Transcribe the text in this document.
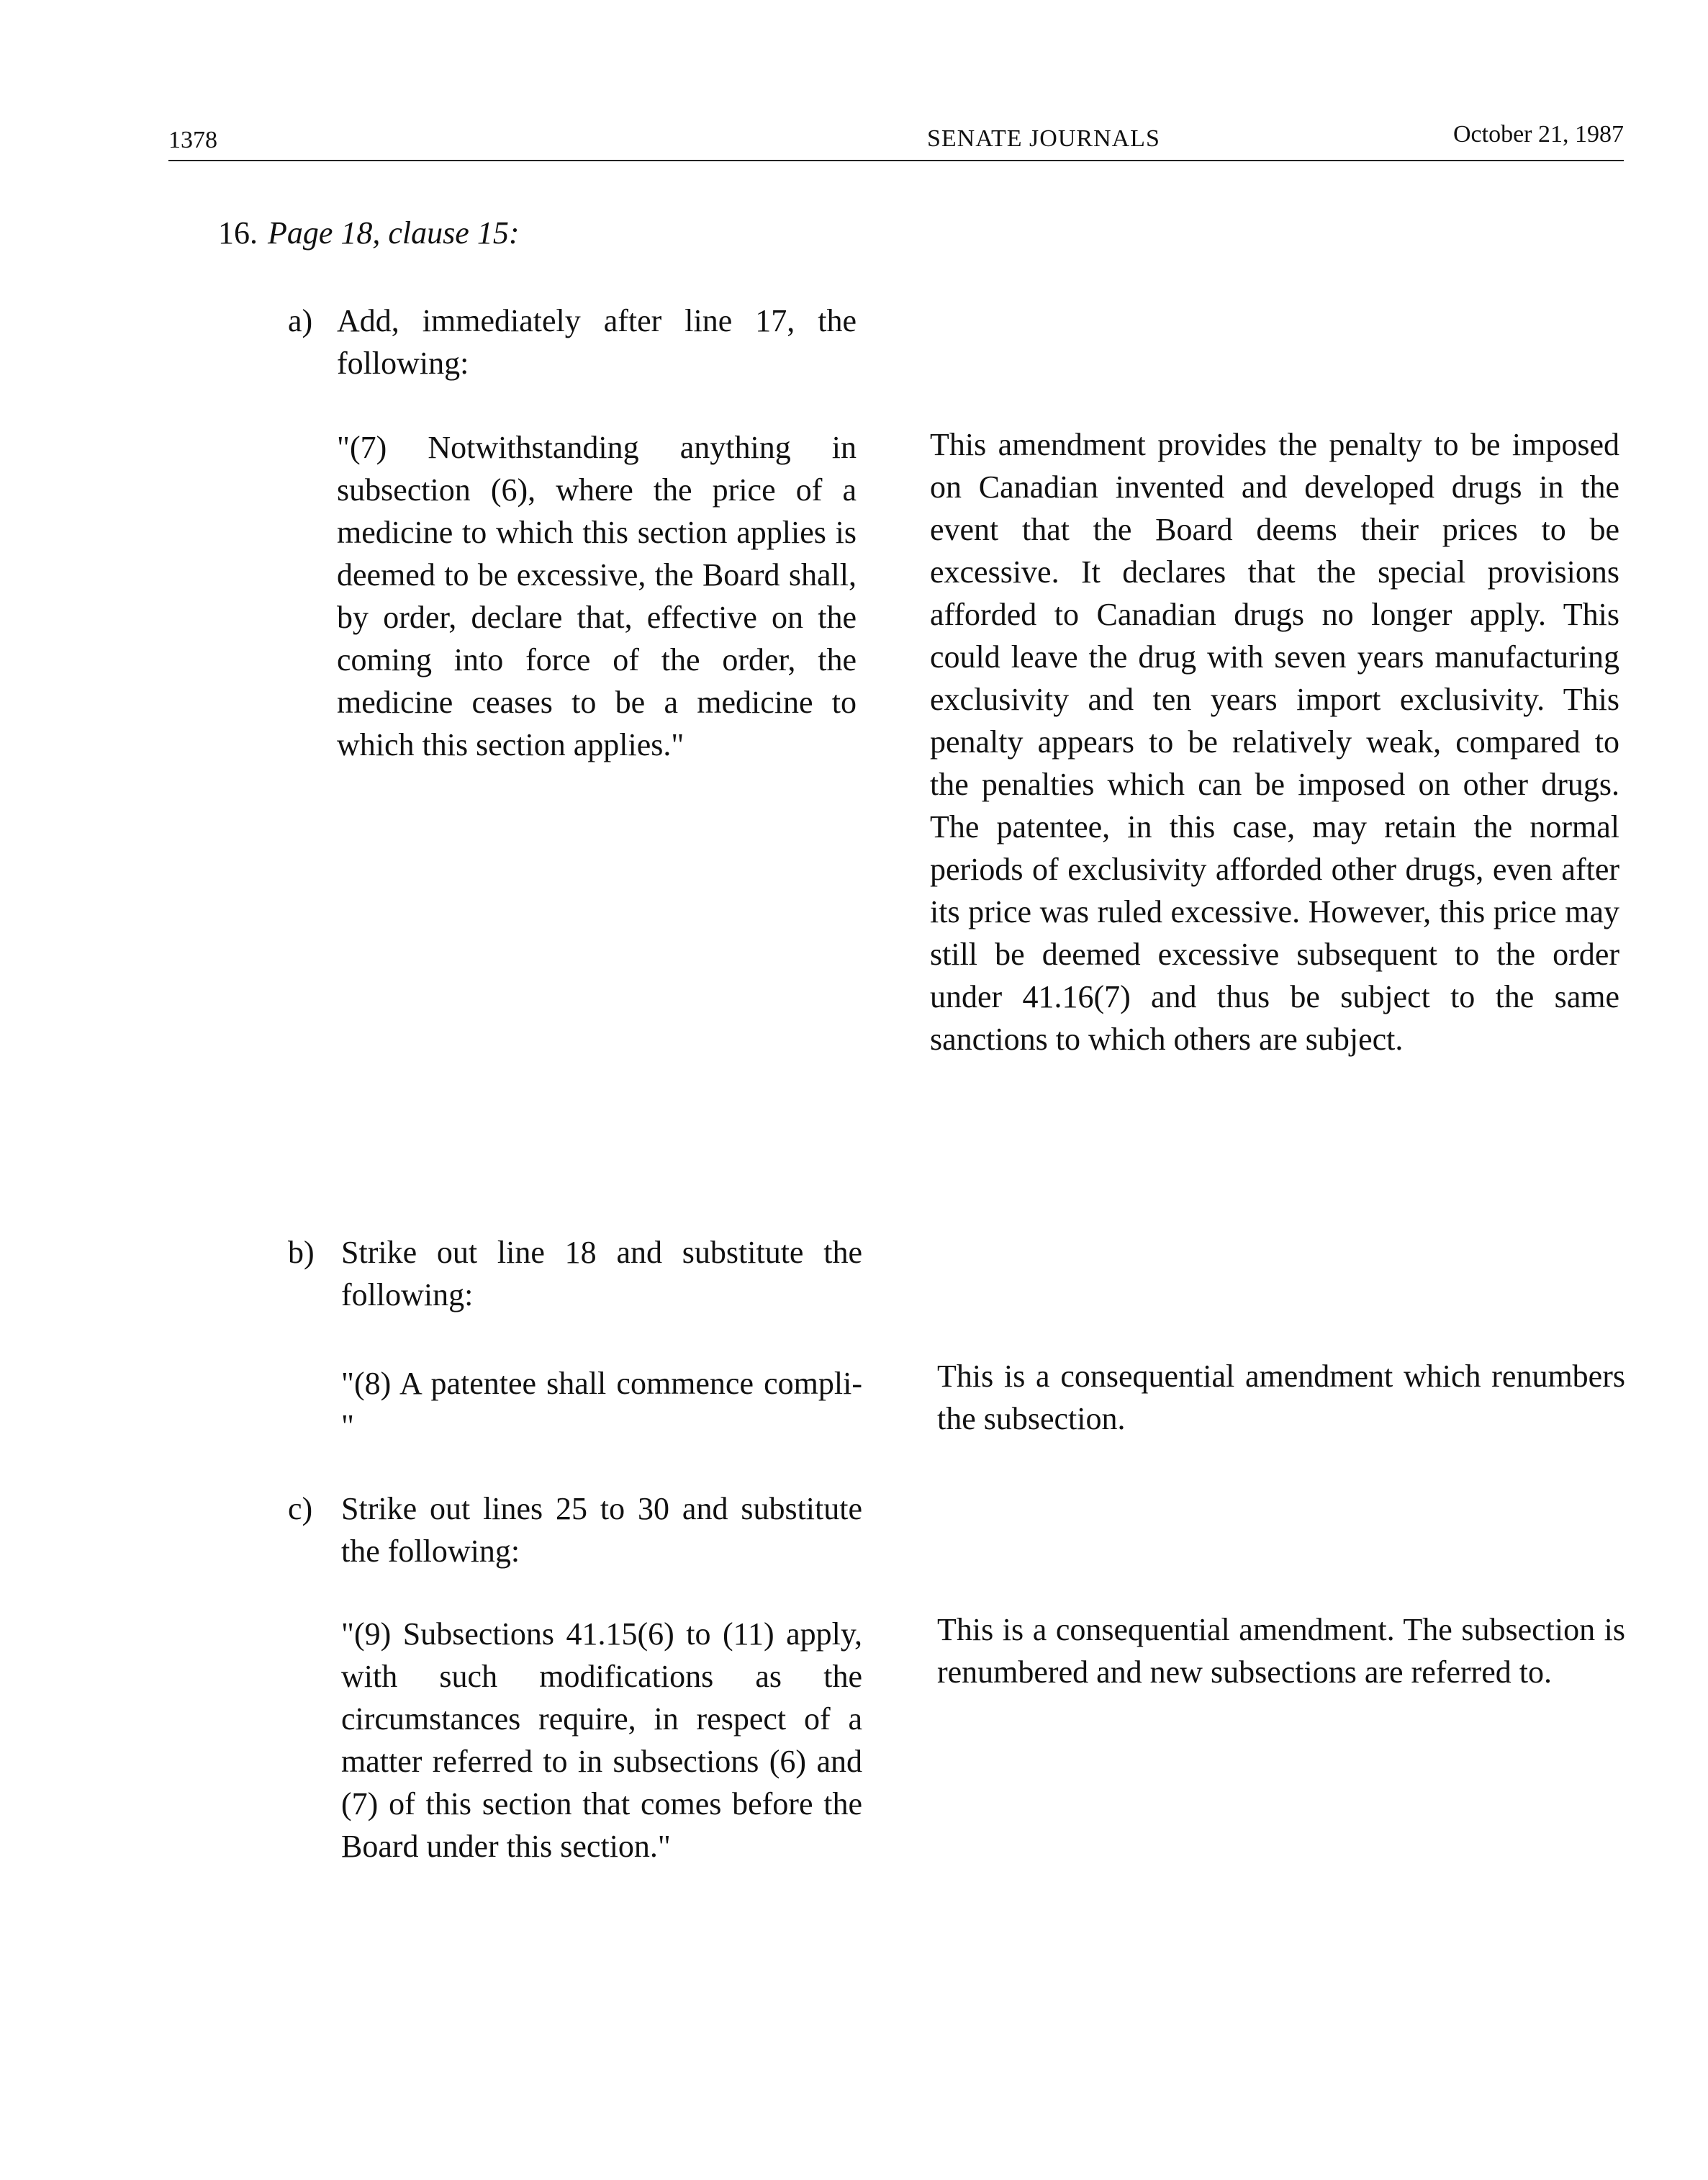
1378	SENATE JOURNALS	October 21, 1987
16. Page 18, clause 15:
a) Add, immediately after line 17, the following:
"(7) Notwithstanding anything in subsection (6), where the price of a medicine to which this section applies is deemed to be excessive, the Board shall, by order, declare that, effective on the coming into force of the order, the medicine ceases to be a medicine to which this section applies."
This amendment provides the penalty to be imposed on Canadian invented and developed drugs in the event that the Board deems their prices to be excessive. It declares that the special provisions afforded to Canadian drugs no longer apply. This could leave the drug with seven years manufacturing exclusivity and ten years import exclusivity. This penalty appears to be relatively weak, compared to the penalties which can be imposed on other drugs. The patentee, in this case, may retain the normal periods of exclusivity afforded other drugs, even after its price was ruled excessive. However, this price may still be deemed excessive subsequent to the order under 41.16(7) and thus be subject to the same sanctions to which others are subject.
b) Strike out line 18 and substitute the following:
"(8) A patentee shall commence compli-"
This is a consequential amendment which renumbers the subsection.
c) Strike out lines 25 to 30 and substitute the following:
"(9) Subsections 41.15(6) to (11) apply, with such modifications as the circumstances require, in respect of a matter referred to in subsections (6) and (7) of this section that comes before the Board under this section."
This is a consequential amendment. The subsection is renumbered and new subsections are referred to.
